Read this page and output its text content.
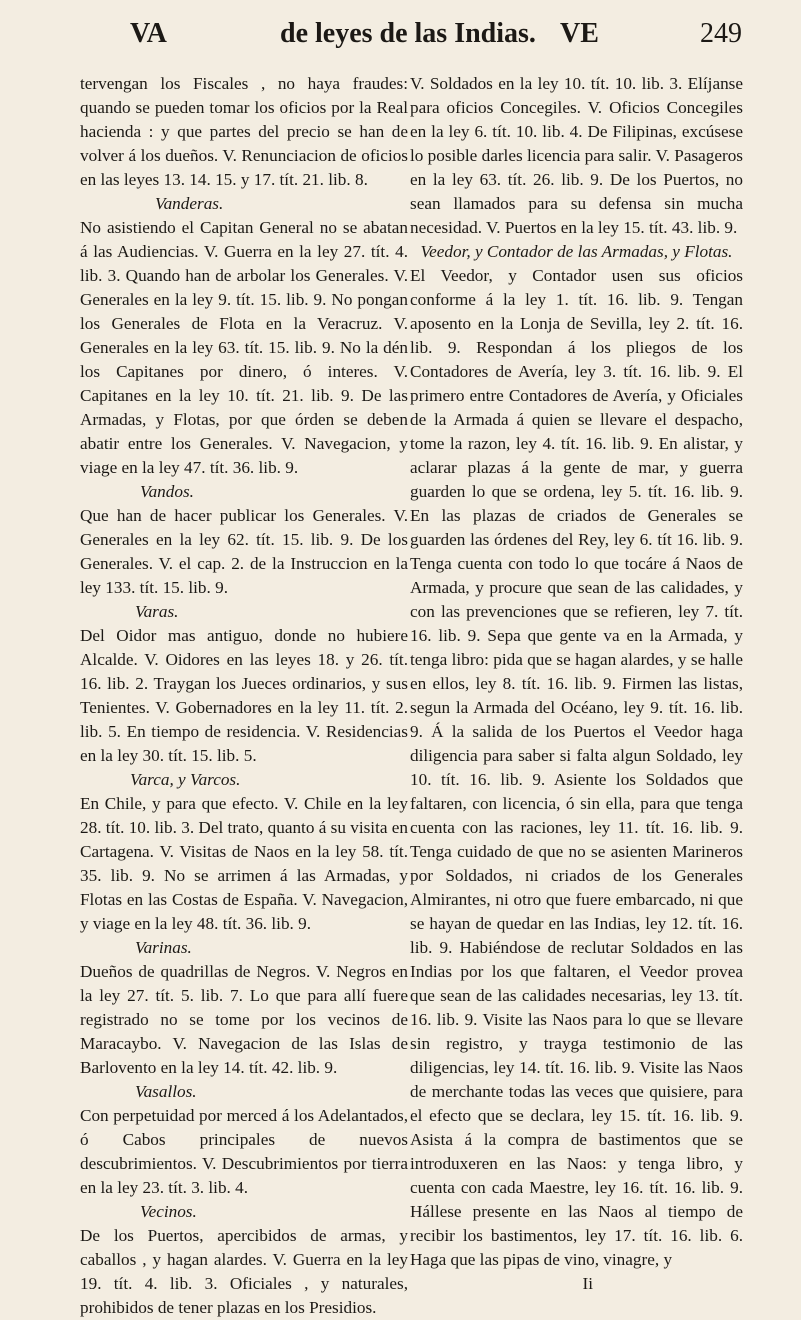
VA	de leyes de las Indias. VE	249

tervengan los Fiscales , no haya fraudes: quando se pueden tomar los oficios por la Real hacienda : y que partes del precio se han de volver á los dueños. V. Renunciacion de oficios en las leyes 13. 14. 15. y 17. tít. 21. lib. 8.

Vanderas.

No asistiendo el Capitan General no se abatan á las Audiencias. V. Guerra en la ley 27. tít. 4. lib. 3. Quando han de arbolar los Generales. V. Generales en la ley 9. tít. 15. lib. 9. No pongan los Generales de Flota en la Veracruz. V. Generales en la ley 63. tít. 15. lib. 9. No la dén los Capitanes por dinero, ó interes. V. Capitanes en la ley 10. tít. 21. lib. 9. De las Armadas, y Flotas, por que órden se deben abatir entre los Generales. V. Navegacion, y viage en la ley 47. tít. 36. lib. 9.

Vandos.

Que han de hacer publicar los Generales. V. Generales en la ley 62. tít. 15. lib. 9. De los Generales. V. el cap. 2. de la Instruccion en la ley 133. tít. 15. lib. 9.

Varas.

Del Oidor mas antiguo, donde no hubiere Alcalde. V. Oidores en las leyes 18. y 26. tít. 16. lib. 2. Traygan los Jueces ordinarios, y sus Tenientes. V. Gobernadores en la ley 11. tít. 2. lib. 5. En tiempo de residencia. V. Residencias en la ley 30. tít. 15. lib. 5.

Varca, y Varcos.

En Chile, y para que efecto. V. Chile en la ley 28. tít. 10. lib. 3. Del trato, quanto á su visita en Cartagena. V. Visitas de Naos en la ley 58. tít. 35. lib. 9. No se arrimen á las Armadas, y Flotas en las Costas de España. V. Navegacion, y viage en la ley 48. tít. 36. lib. 9.

Varinas.

Dueños de quadrillas de Negros. V. Negros en la ley 27. tít. 5. lib. 7. Lo que para allí fuere registrado no se tome por los vecinos de Maracaybo. V. Navegacion de las Islas de Barlovento en la ley 14. tít. 42. lib. 9.

Vasallos.

Con perpetuidad por merced á los Adelantados, ó Cabos principales de nuevos descubrimientos. V. Descubrimientos por tierra en la ley 23. tít. 3. lib. 4.

Vecinos.

De los Puertos, apercibidos de armas, y caballos , y hagan alardes. V. Guerra en la ley 19. tít. 4. lib. 3. Oficiales , y naturales, prohibidos de tener plazas en los Presidios.

V. Soldados en la ley 10. tít. 10. lib. 3. Elíjanse para oficios Concegiles. V. Oficios Concegiles en la ley 6. tít. 10. lib. 4. De Filipinas, excúsese lo posible darles licencia para salir. V. Pasageros en la ley 63. tít. 26. lib. 9. De los Puertos, no sean llamados para su defensa sin mucha necesidad. V. Puertos en la ley 15. tít. 43. lib. 9.

Veedor, y Contador de las Armadas, y Flotas.

El Veedor, y Contador usen sus oficios conforme á la ley 1. tít. 16. lib. 9. Tengan aposento en la Lonja de Sevilla, ley 2. tít. 16. lib. 9. Respondan á los pliegos de los Contadores de Avería, ley 3. tít. 16. lib. 9. El primero entre Contadores de Avería, y Oficiales de la Armada á quien se llevare el despacho, tome la razon, ley 4. tít. 16. lib. 9. En alistar, y aclarar plazas á la gente de mar, y guerra guarden lo que se ordena, ley 5. tít. 16. lib. 9. En las plazas de criados de Generales se guarden las órdenes del Rey, ley 6. tít 16. lib. 9. Tenga cuenta con todo lo que tocáre á Naos de Armada, y procure que sean de las calidades, y con las prevenciones que se refieren, ley 7. tít. 16. lib. 9. Sepa que gente va en la Armada, y tenga libro: pida que se hagan alardes, y se halle en ellos, ley 8. tít. 16. lib. 9. Firmen las listas, segun la Armada del Océano, ley 9. tít. 16. lib. 9. Á la salida de los Puertos el Veedor haga diligencia para saber si falta algun Soldado, ley 10. tít. 16. lib. 9. Asiente los Soldados que faltaren, con licencia, ó sin ella, para que tenga cuenta con las raciones, ley 11. tít. 16. lib. 9. Tenga cuidado de que no se asienten Marineros por Soldados, ni criados de los Generales Almirantes, ni otro que fuere embarcado, ni que se hayan de quedar en las Indias, ley 12. tít. 16. lib. 9. Habiéndose de reclutar Soldados en las Indias por los que faltaren, el Veedor provea que sean de las calidades necesarias, ley 13. tít. 16. lib. 9. Visite las Naos para lo que se llevare sin registro, y trayga testimonio de las diligencias, ley 14. tít. 16. lib. 9. Visite las Naos de merchante todas las veces que quisiere, para el efecto que se declara, ley 15. tít. 16. lib. 9. Asista á la compra de bastimentos que se introduxeren en las Naos: y tenga libro, y cuenta con cada Maestre, ley 16. tít. 16. lib. 9. Hállese presente en las Naos al tiempo de recibir los bastimentos, ley 17. tít. 16. lib. 6. Haga que las pipas de vino, vinagre, y

Ii
